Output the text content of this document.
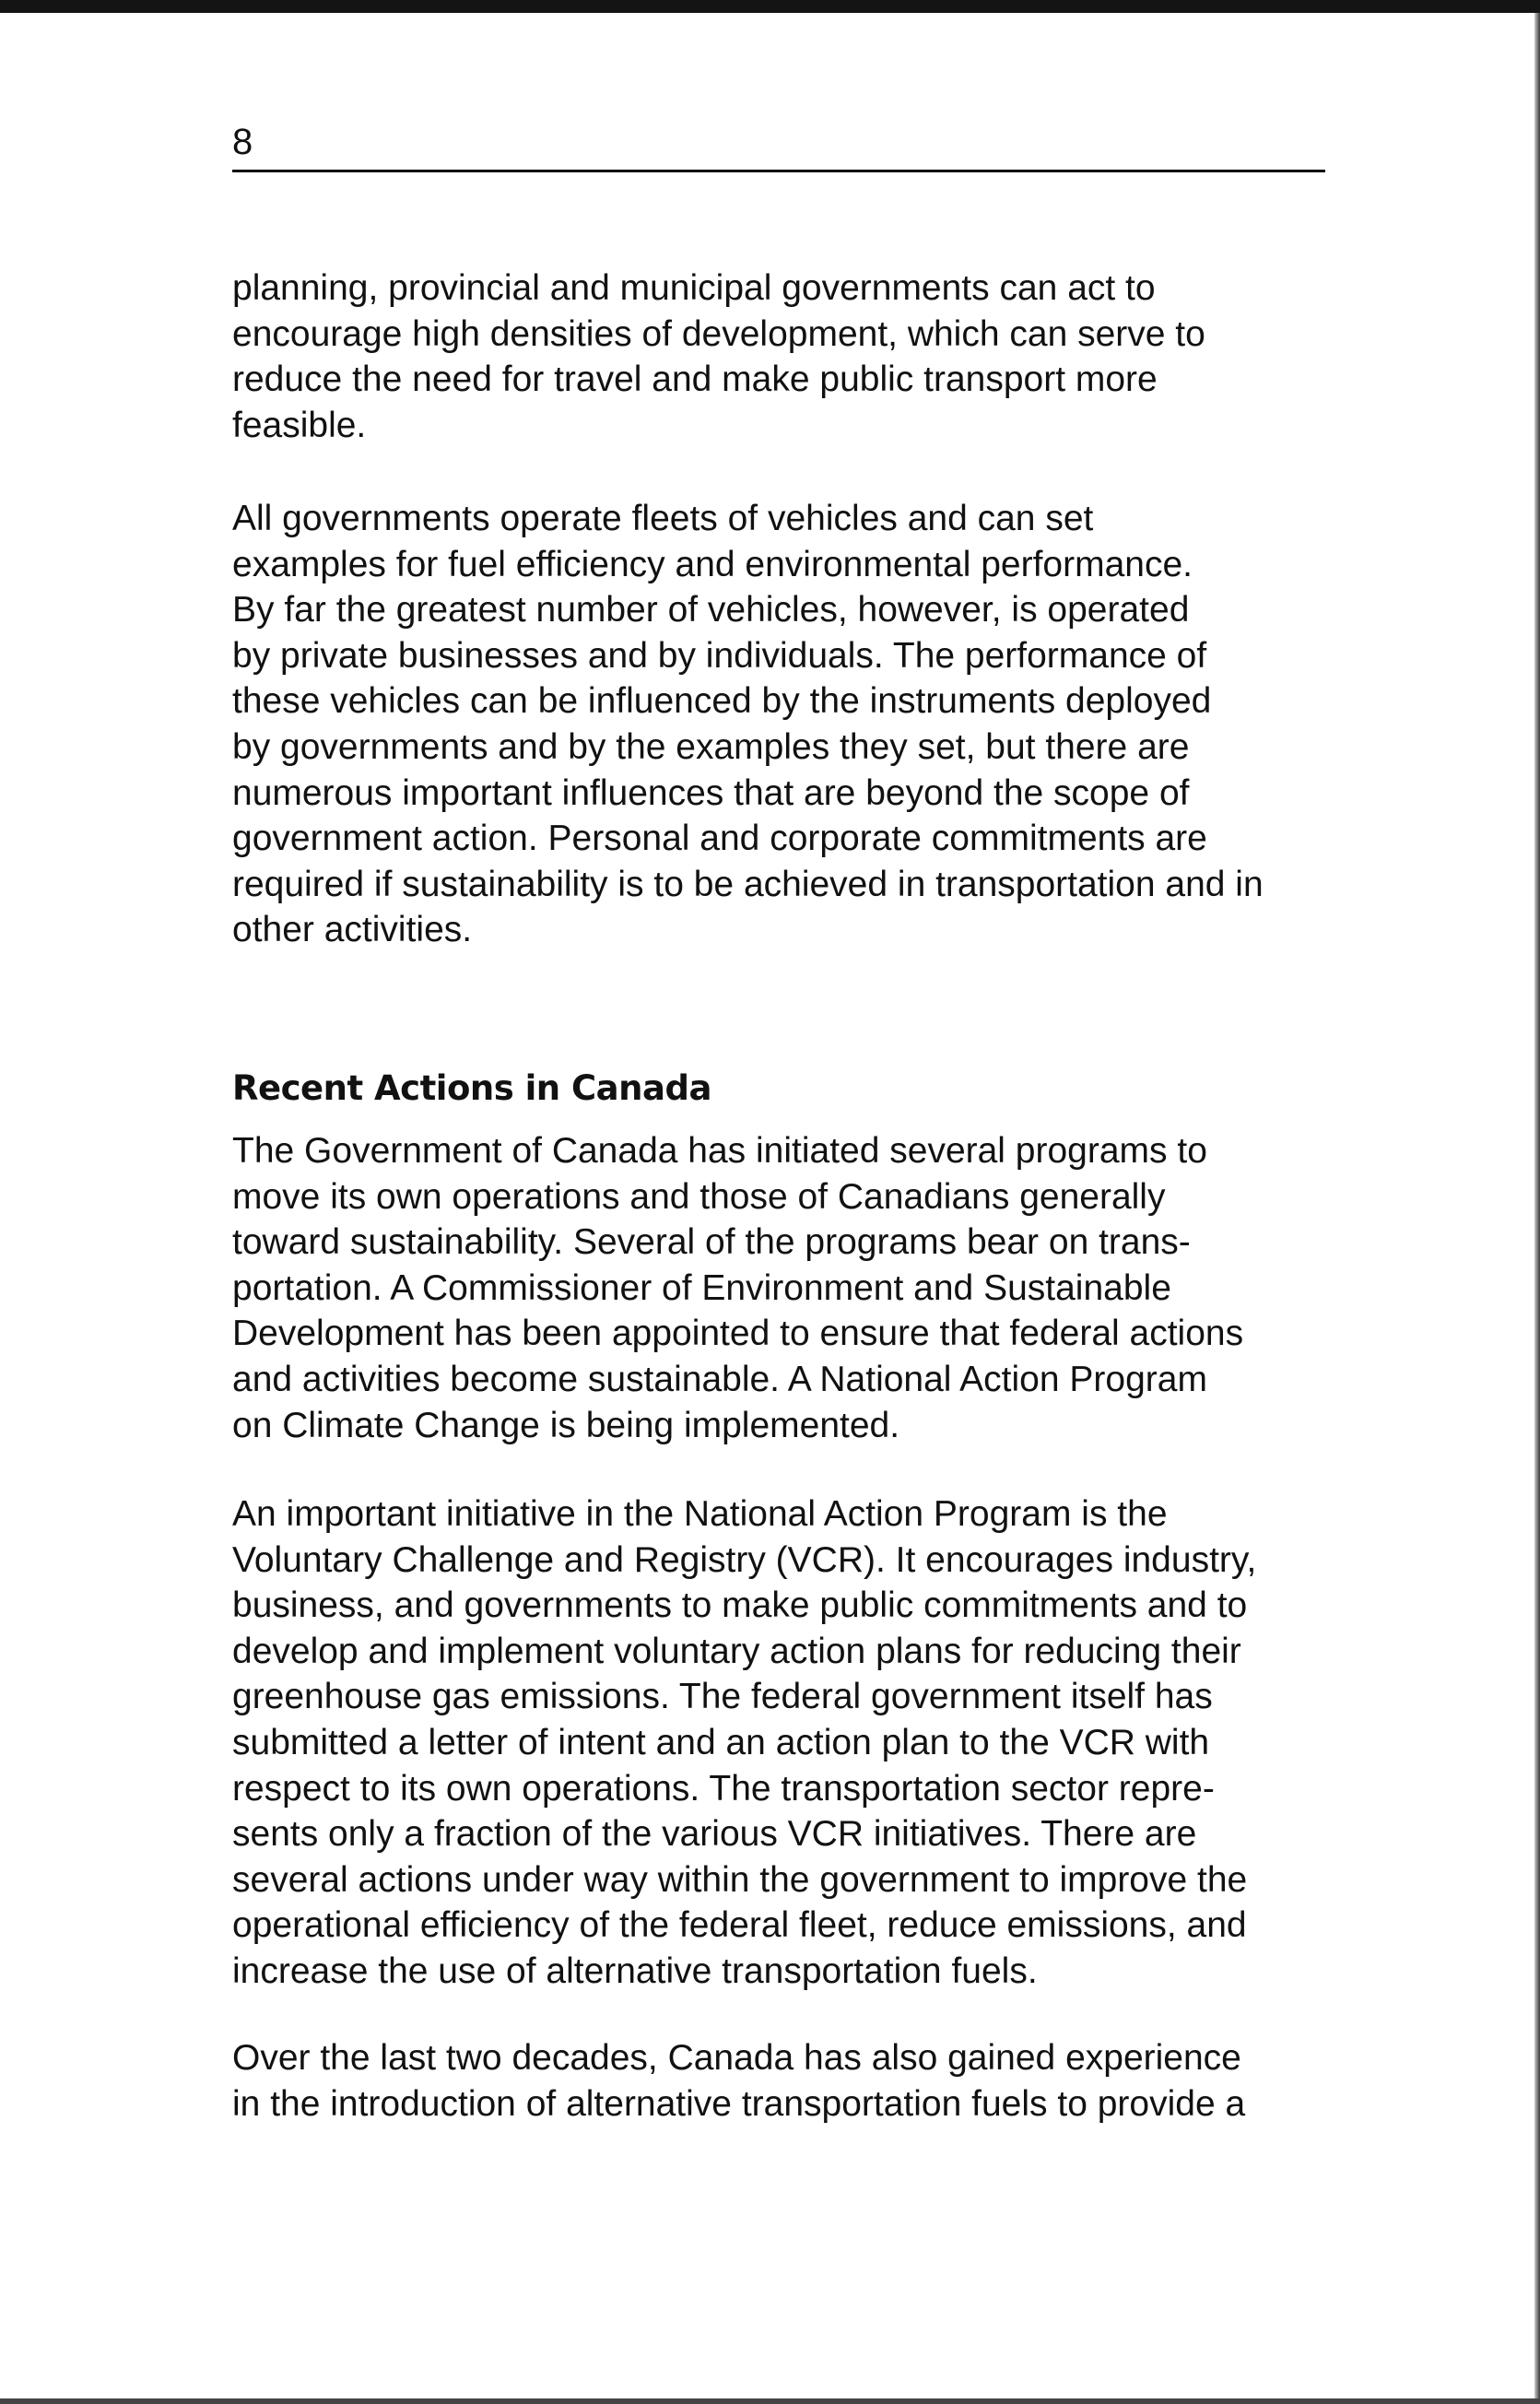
8

planning, provincial and municipal governments can act to
encourage high densities of development, which can serve to
reduce the need for travel and make public transport more
feasible.

All governments operate fleets of vehicles and can set
examples for fuel efficiency and environmental performance.
By far the greatest number of vehicles, however, is operated
by private businesses and by individuals. The performance of
these vehicles can be influenced by the instruments deployed
by governments and by the examples they set, but there are
numerous important influences that are beyond the scope of
government action. Personal and corporate commitments are
required if sustainability is to be achieved in transportation and in
other activities.

Recent Actions in Canada

The Government of Canada has initiated several programs to
move its own operations and those of Canadians generally
toward sustainability. Several of the programs bear on trans-
portation. A Commissioner of Environment and Sustainable
Development has been appointed to ensure that federal actions
and activities become sustainable. A National Action Program
on Climate Change is being implemented.

An important initiative in the National Action Program is the
Voluntary Challenge and Registry (VCR). It encourages industry,
business, and governments to make public commitments and to
develop and implement voluntary action plans for reducing their
greenhouse gas emissions. The federal government itself has
submitted a letter of intent and an action plan to the VCR with
respect to its own operations. The transportation sector repre-
sents only a fraction of the various VCR initiatives. There are
several actions under way within the government to improve the
operational efficiency of the federal fleet, reduce emissions, and
increase the use of alternative transportation fuels.

Over the last two decades, Canada has also gained experience
in the introduction of alternative transportation fuels to provide a
